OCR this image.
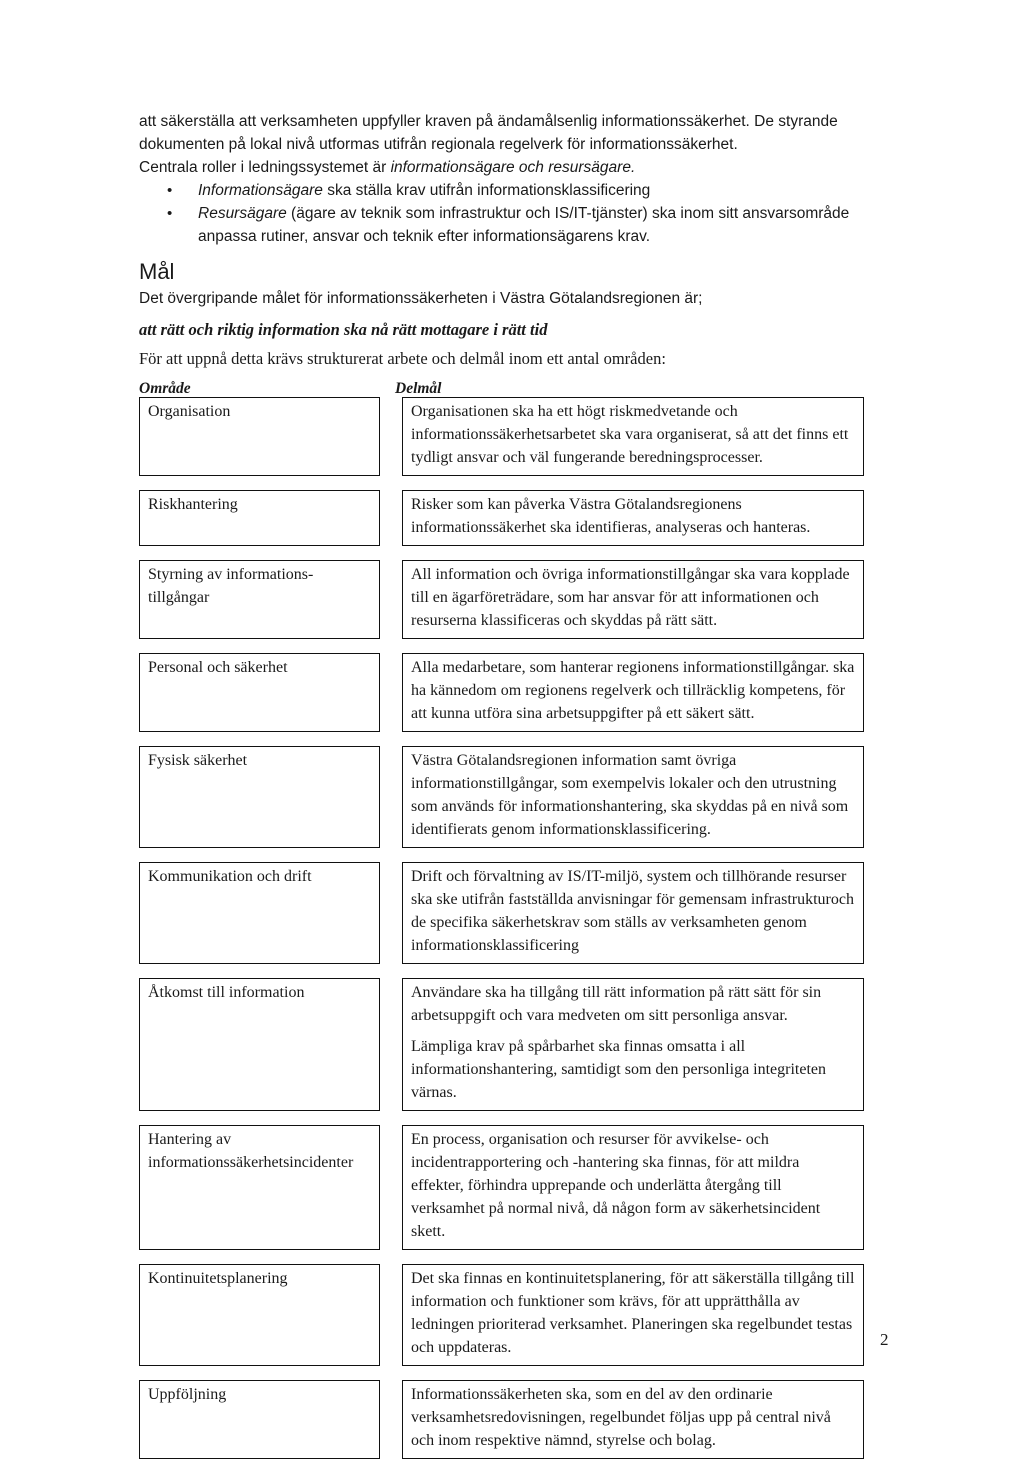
att säkerställa att verksamheten uppfyller kraven på ändamålsenlig informationssäkerhet. De styrande dokumenten på lokal nivå utformas utifrån regionala regelverk för informationssäkerhet.

Centrala roller i ledningssystemet är informationsägare och resursägare.

• Informationsägare ska ställa krav utifrån informationsklassificering
• Resursägare (ägare av teknik som infrastruktur och IS/IT-tjänster) ska inom sitt ansvarsområde anpassa rutiner, ansvar och teknik efter informationsägarens krav.
Mål

Det övergripande målet för informationssäkerheten i Västra Götalandsregionen är;

att rätt och riktig information ska nå rätt mottagare i rätt tid

För att uppnå detta krävs strukturerat arbete och delmål inom ett antal områden:

Område	Delmål

Organisation		Organisationen ska ha ett högt riskmedvetande och informationssäkerhetsarbetet ska vara organiserat, så att det finns ett tydligt ansvar och väl fungerande beredningsprocesser.

Riskhantering		Risker som kan påverka Västra Götalandsregionens informationssäkerhet ska identifieras, analyseras och hanteras.

Styrning av informations-tillgångar		All information och övriga informationstillgångar ska vara kopplade till en ägarföreträdare, som har ansvar för att informationen och resurserna klassificeras och skyddas på rätt sätt.

Personal och säkerhet		Alla medarbetare, som hanterar regionens informationstillgångar. ska ha kännedom om regionens regelverk och tillräcklig kompetens, för att kunna utföra sina arbetsuppgifter på ett säkert sätt.

Fysisk säkerhet		Västra Götalandsregionen information samt övriga informationstillgångar, som exempelvis lokaler och den utrustning som används för informationshantering, ska skyddas på en nivå som identifierats genom informationsklassificering.

Kommunikation och drift		Drift och förvaltning av IS/IT-miljö, system och tillhörande resurser ska ske utifrån fastställda anvisningar för gemensam infrastrukturoch de specifika säkerhetskrav som ställs av verksamheten genom informationsklassificering

Åtkomst till information		Användare ska ha tillgång till rätt information på rätt sätt för sin arbetsuppgift och vara medveten om sitt personliga ansvar.
Lämpliga krav på spårbarhet ska finnas omsatta i all informationshantering, samtidigt som den personliga integriteten värnas.

Hantering av informationssäkerhetsincidenter		En process, organisation och resurser för avvikelse- och incidentrapportering och -hantering ska finnas, för att mildra effekter, förhindra upprepande och underlätta återgång till verksamhet på normal nivå, då någon form av säkerhetsincident skett.

Kontinuitetsplanering		Det ska finnas en kontinuitetsplanering, för att säkerställa tillgång till information och funktioner som krävs, för att upprätthålla av ledningen prioriterad verksamhet. Planeringen ska regelbundet testas och uppdateras.

Uppföljning		Informationssäkerheten ska, som en del av den ordinarie verksamhetsredovisningen, regelbundet följas upp på central nivå och inom respektive nämnd, styrelse och bolag.

2
